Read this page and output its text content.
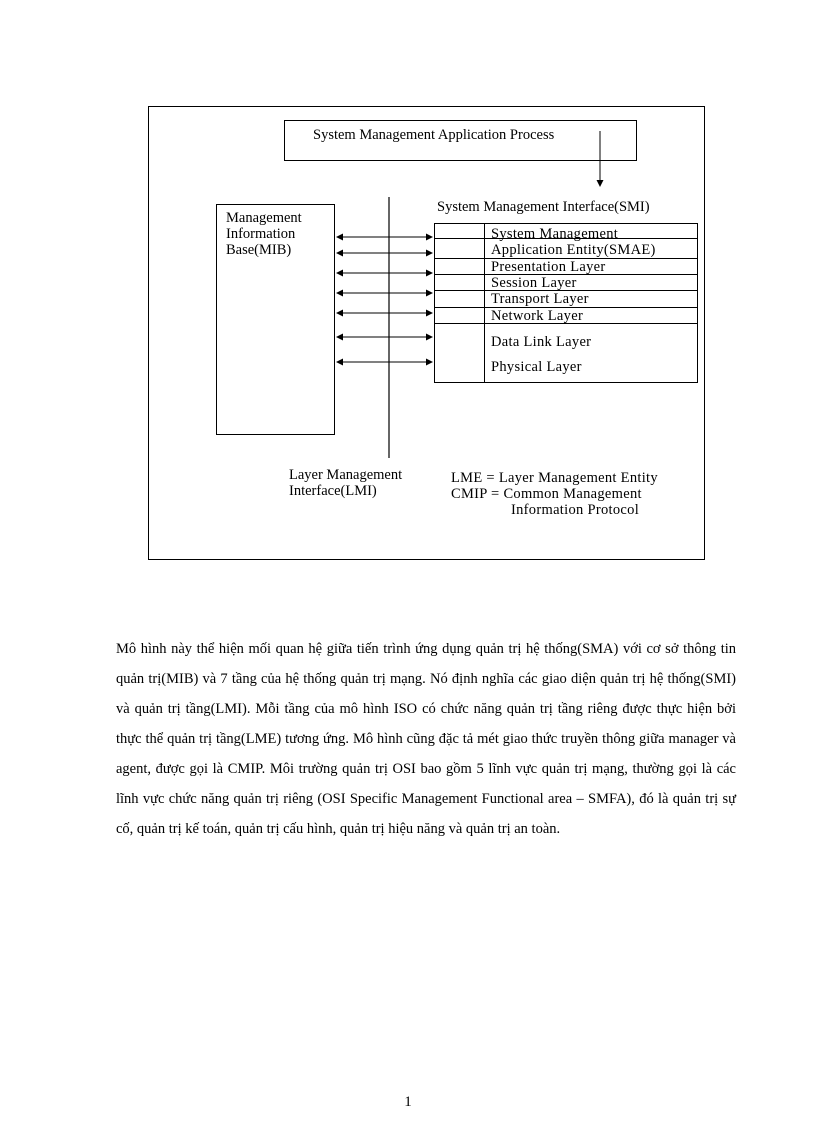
System Management Application Process
System Management Interface(SMI)
Management
Information
Base(MIB)
System Management
Application Entity(SMAE)
Presentation Layer
Session Layer
Transport Layer
Network Layer
Data Link Layer
Physical Layer
Layer Management
Interface(LMI)
LME = Layer Management Entity
CMIP = Common Management
Information Protocol

Mô hình này thể hiện mối quan hệ giữa tiến trình ứng dụng quản trị hệ thống(SMA) với cơ sở thông tin quản trị(MIB) và 7 tầng của hệ thống quản trị mạng. Nó định nghĩa các giao diện quản trị hệ thống(SMI) và quản trị tầng(LMI). Mỗi tầng của mô hình ISO có chức năng quản trị tầng riêng được thực hiện bởi thực thể quản trị tầng(LME) tương ứng. Mô hình cũng đặc tả mét giao thức truyền thông giữa manager và agent, được gọi là CMIP. Môi trường quản trị OSI bao gồm 5 lĩnh vực quản trị mạng, thường gọi là các lĩnh vực chức năng quản trị riêng (OSI Specific Management Functional area – SMFA), đó là quản trị sự cố, quản trị kế toán, quản trị cấu hình, quản trị hiệu năng và quản trị an toàn.

1
